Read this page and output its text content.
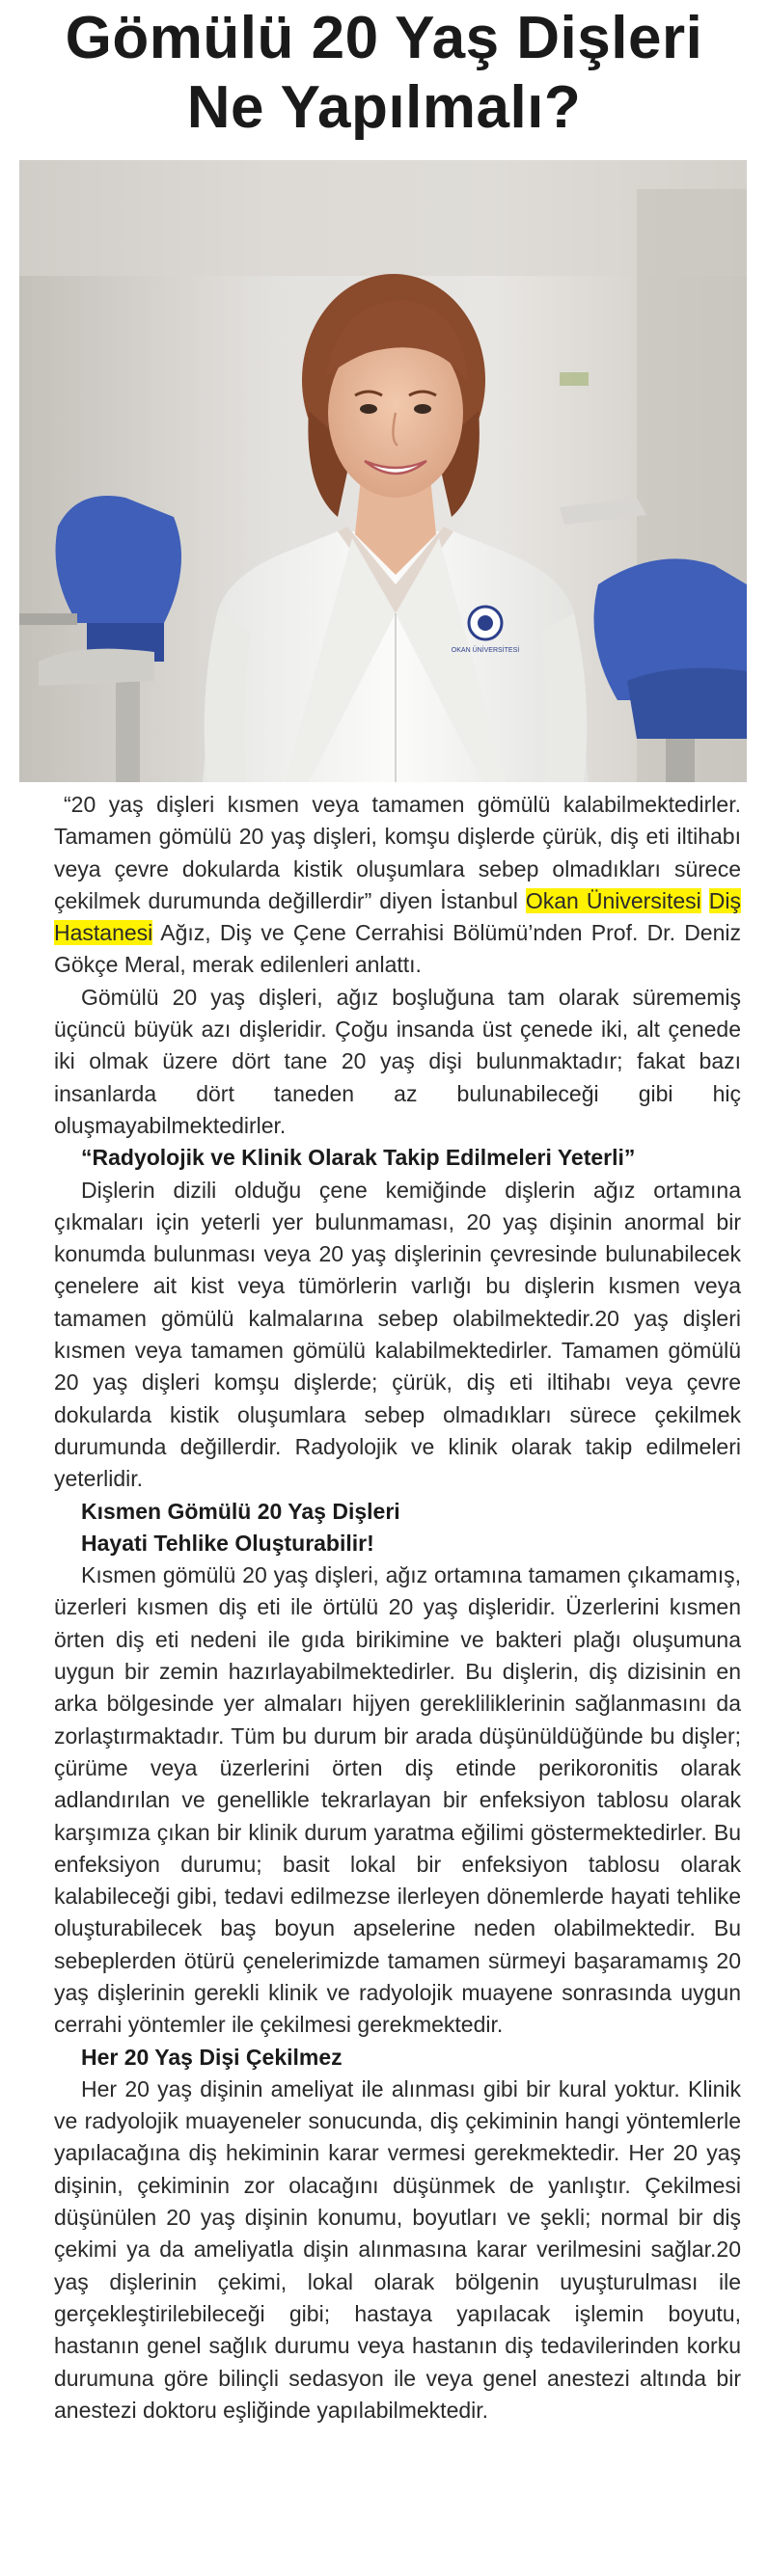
Gömülü 20 Yaş Dişleri
Ne Yapılmalı?
OKAN ÜNİVERSİTESİ

“20 yaş dişleri kısmen veya tamamen gömülü kalabilmektedirler. Tamamen gömülü 20 yaş dişleri, komşu dişlerde çürük, diş eti iltihabı veya çevre dokularda kistik oluşumlara sebep olmadıkları sürece çekilmek durumunda değillerdir” diyen İstanbul Okan Üniversitesi Diş Hastanesi Ağız, Diş ve Çene Cerrahisi Bölümü’nden Prof. Dr. Deniz Gökçe Meral, merak edilenleri anlattı.

Gömülü 20 yaş dişleri, ağız boşluğuna tam olarak sürememiş üçüncü büyük azı dişleridir. Çoğu insanda üst çenede iki, alt çenede iki olmak üzere dört tane 20 yaş dişi bulunmaktadır; fakat bazı insanlarda dört taneden az bulunabileceği gibi hiç oluşmayabilmektedirler.

“Radyolojik ve Klinik Olarak Takip Edilmeleri Yeterli”

Dişlerin dizili olduğu çene kemiğinde dişlerin ağız ortamına çıkmaları için yeterli yer bulunmaması, 20 yaş dişinin anormal bir konumda bulunması veya 20 yaş dişlerinin çevresinde bulunabilecek çenelere ait kist veya tümörlerin varlığı bu dişlerin kısmen veya tamamen gömülü kalmalarına sebep olabilmektedir.20 yaş dişleri kısmen veya tamamen gömülü kalabilmektedirler. Tamamen gömülü 20 yaş dişleri komşu dişlerde; çürük, diş eti iltihabı veya çevre dokularda kistik oluşumlara sebep olmadıkları sürece çekilmek durumunda değillerdir. Radyolojik ve klinik olarak takip edilmeleri yeterlidir.

Kısmen Gömülü 20 Yaş Dişleri
Hayati Tehlike Oluşturabilir!

Kısmen gömülü 20 yaş dişleri, ağız ortamına tamamen çıkamamış, üzerleri kısmen diş eti ile örtülü 20 yaş dişleridir. Üzerlerini kısmen örten diş eti nedeni ile gıda birikimine ve bakteri plağı oluşumuna uygun bir zemin hazırlayabilmektedirler. Bu dişlerin, diş dizisinin en arka bölgesinde yer almaları hijyen gerekliliklerinin sağlanmasını da zorlaştırmaktadır. Tüm bu durum bir arada düşünüldüğünde bu dişler; çürüme veya üzerlerini örten diş etinde perikoronitis olarak adlandırılan ve genellikle tekrarlayan bir enfeksiyon tablosu olarak karşımıza çıkan bir klinik durum yaratma eğilimi göstermektedirler. Bu enfeksiyon durumu; basit lokal bir enfeksiyon tablosu olarak kalabileceği gibi, tedavi edilmezse ilerleyen dönemlerde hayati tehlike oluşturabilecek baş boyun apselerine neden olabilmektedir. Bu sebeplerden ötürü çenelerimizde tamamen sürmeyi başaramamış 20 yaş dişlerinin gerekli klinik ve radyolojik muayene sonrasında uygun cerrahi yöntemler ile çekilmesi gerekmektedir.

Her 20 Yaş Dişi Çekilmez

Her 20 yaş dişinin ameliyat ile alınması gibi bir kural yoktur. Klinik ve radyolojik muayeneler sonucunda, diş çekiminin hangi yöntemlerle yapılacağına diş hekiminin karar vermesi gerekmektedir. Her 20 yaş dişinin, çekiminin zor olacağını düşünmek de yanlıştır. Çekilmesi düşünülen 20 yaş dişinin konumu, boyutları ve şekli; normal bir diş çekimi ya da ameliyatla dişin alınmasına karar verilmesini sağlar.20 yaş dişlerinin çekimi, lokal olarak bölgenin uyuşturulması ile gerçekleştirilebileceği gibi; hastaya yapılacak işlemin boyutu, hastanın genel sağlık durumu veya hastanın diş tedavilerinden korku durumuna göre bilinçli sedasyon ile veya genel anestezi altında bir anestezi doktoru eşliğinde yapılabilmektedir.
